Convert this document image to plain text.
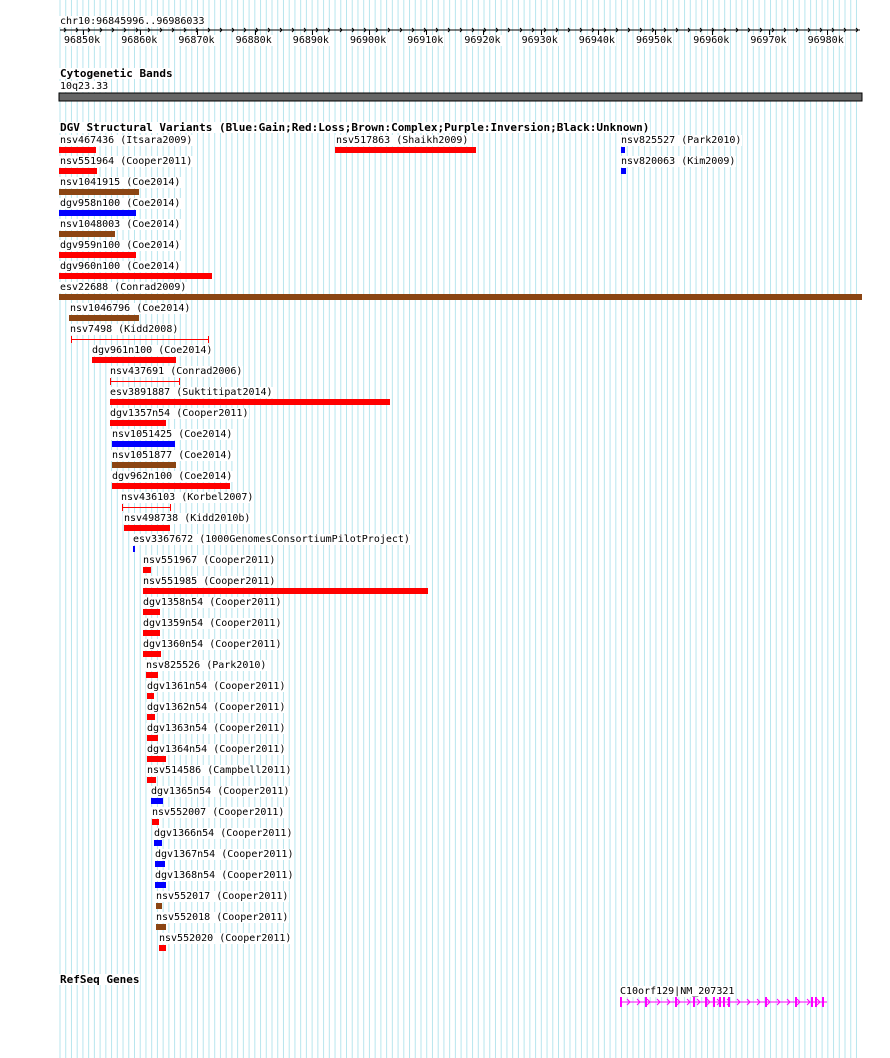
chr10:96845996..96986033
Cytogenetic Bands
10q23.33
DGV Structural Variants (Blue:Gain;Red:Loss;Brown:Complex;Purple:Inversion;Black:Unknown)
RefSeq Genes
C10orf129|NM_207321
96850k 96860k 96870k 96880k 96890k 96900k 96910k 96920k 96930k 96940k 96950k 96960k 96970k 96980k
nsv467436 (Itsara2009)	nsv517863 (Shaikh2009)	nsv825527 (Park2010)
nsv551964 (Cooper2011)	nsv820063 (Kim2009)
nsv1041915 (Coe2014)
dgv958n100 (Coe2014)
nsv1048003 (Coe2014)
dgv959n100 (Coe2014)
dgv960n100 (Coe2014)
esv22688 (Conrad2009)
nsv1046796 (Coe2014)
nsv7498 (Kidd2008)
dgv961n100 (Coe2014)
nsv437691 (Conrad2006)
esv3891887 (Suktitipat2014)
dgv1357n54 (Cooper2011)
nsv1051425 (Coe2014)
nsv1051877 (Coe2014)
dgv962n100 (Coe2014)
nsv436103 (Korbel2007)
nsv498738 (Kidd2010b)
esv3367672 (1000GenomesConsortiumPilotProject)
nsv551967 (Cooper2011)
nsv551985 (Cooper2011)
dgv1358n54 (Cooper2011)
dgv1359n54 (Cooper2011)
dgv1360n54 (Cooper2011)
nsv825526 (Park2010)
dgv1361n54 (Cooper2011)
dgv1362n54 (Cooper2011)
dgv1363n54 (Cooper2011)
dgv1364n54 (Cooper2011)
nsv514586 (Campbell2011)
dgv1365n54 (Cooper2011)
nsv552007 (Cooper2011)
dgv1366n54 (Cooper2011)
dgv1367n54 (Cooper2011)
dgv1368n54 (Cooper2011)
nsv552017 (Cooper2011)
nsv552018 (Cooper2011)
nsv552020 (Cooper2011)
